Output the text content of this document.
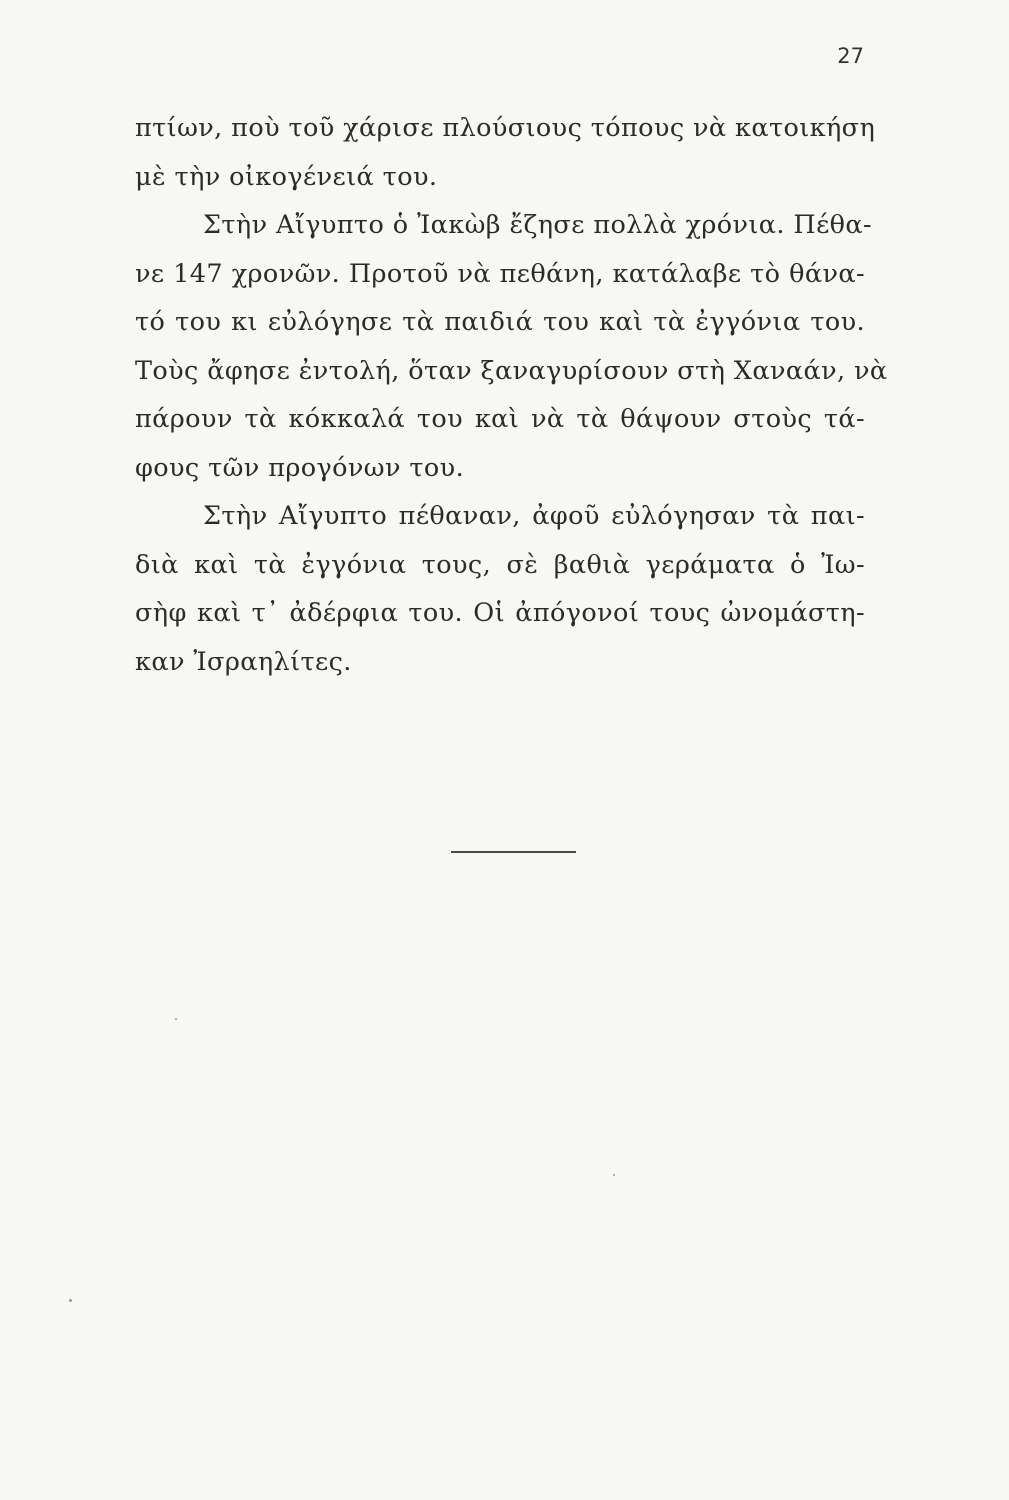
27

πτίων, ποὺ τοῦ χάρισε πλούσιους τόπους νὰ κατοικήση
μὲ τὴν οἰκογένειά του.
Στὴν Αἴγυπτο ὁ Ἰακὼβ ἔζησε πολλὰ χρόνια. Πέθα-
νε 147 χρονῶν. Προτοῦ νὰ πεθάνη, κατάλαβε τὸ θάνα-
τό του κι εὐλόγησε τὰ παιδιά του καὶ τὰ ἐγγόνια του.
Τοὺς ἄφησε ἐντολή, ὅταν ξαναγυρίσουν στὴ Χαναάν, νὰ
πάρουν τὰ κόκκαλά του καὶ νὰ τὰ θάψουν στοὺς τά-
φους τῶν προγόνων του.
Στὴν Αἴγυπτο πέθαναν, ἀφοῦ εὐλόγησαν τὰ παι-
διὰ καὶ τὰ ἐγγόνια τους, σὲ βαθιὰ γεράματα ὁ Ἰω-
σὴφ καὶ τ᾽ ἀδέρφια του. Οἱ ἀπόγονοί τους ὠνομάστη-
καν Ἰσραηλίτες.
